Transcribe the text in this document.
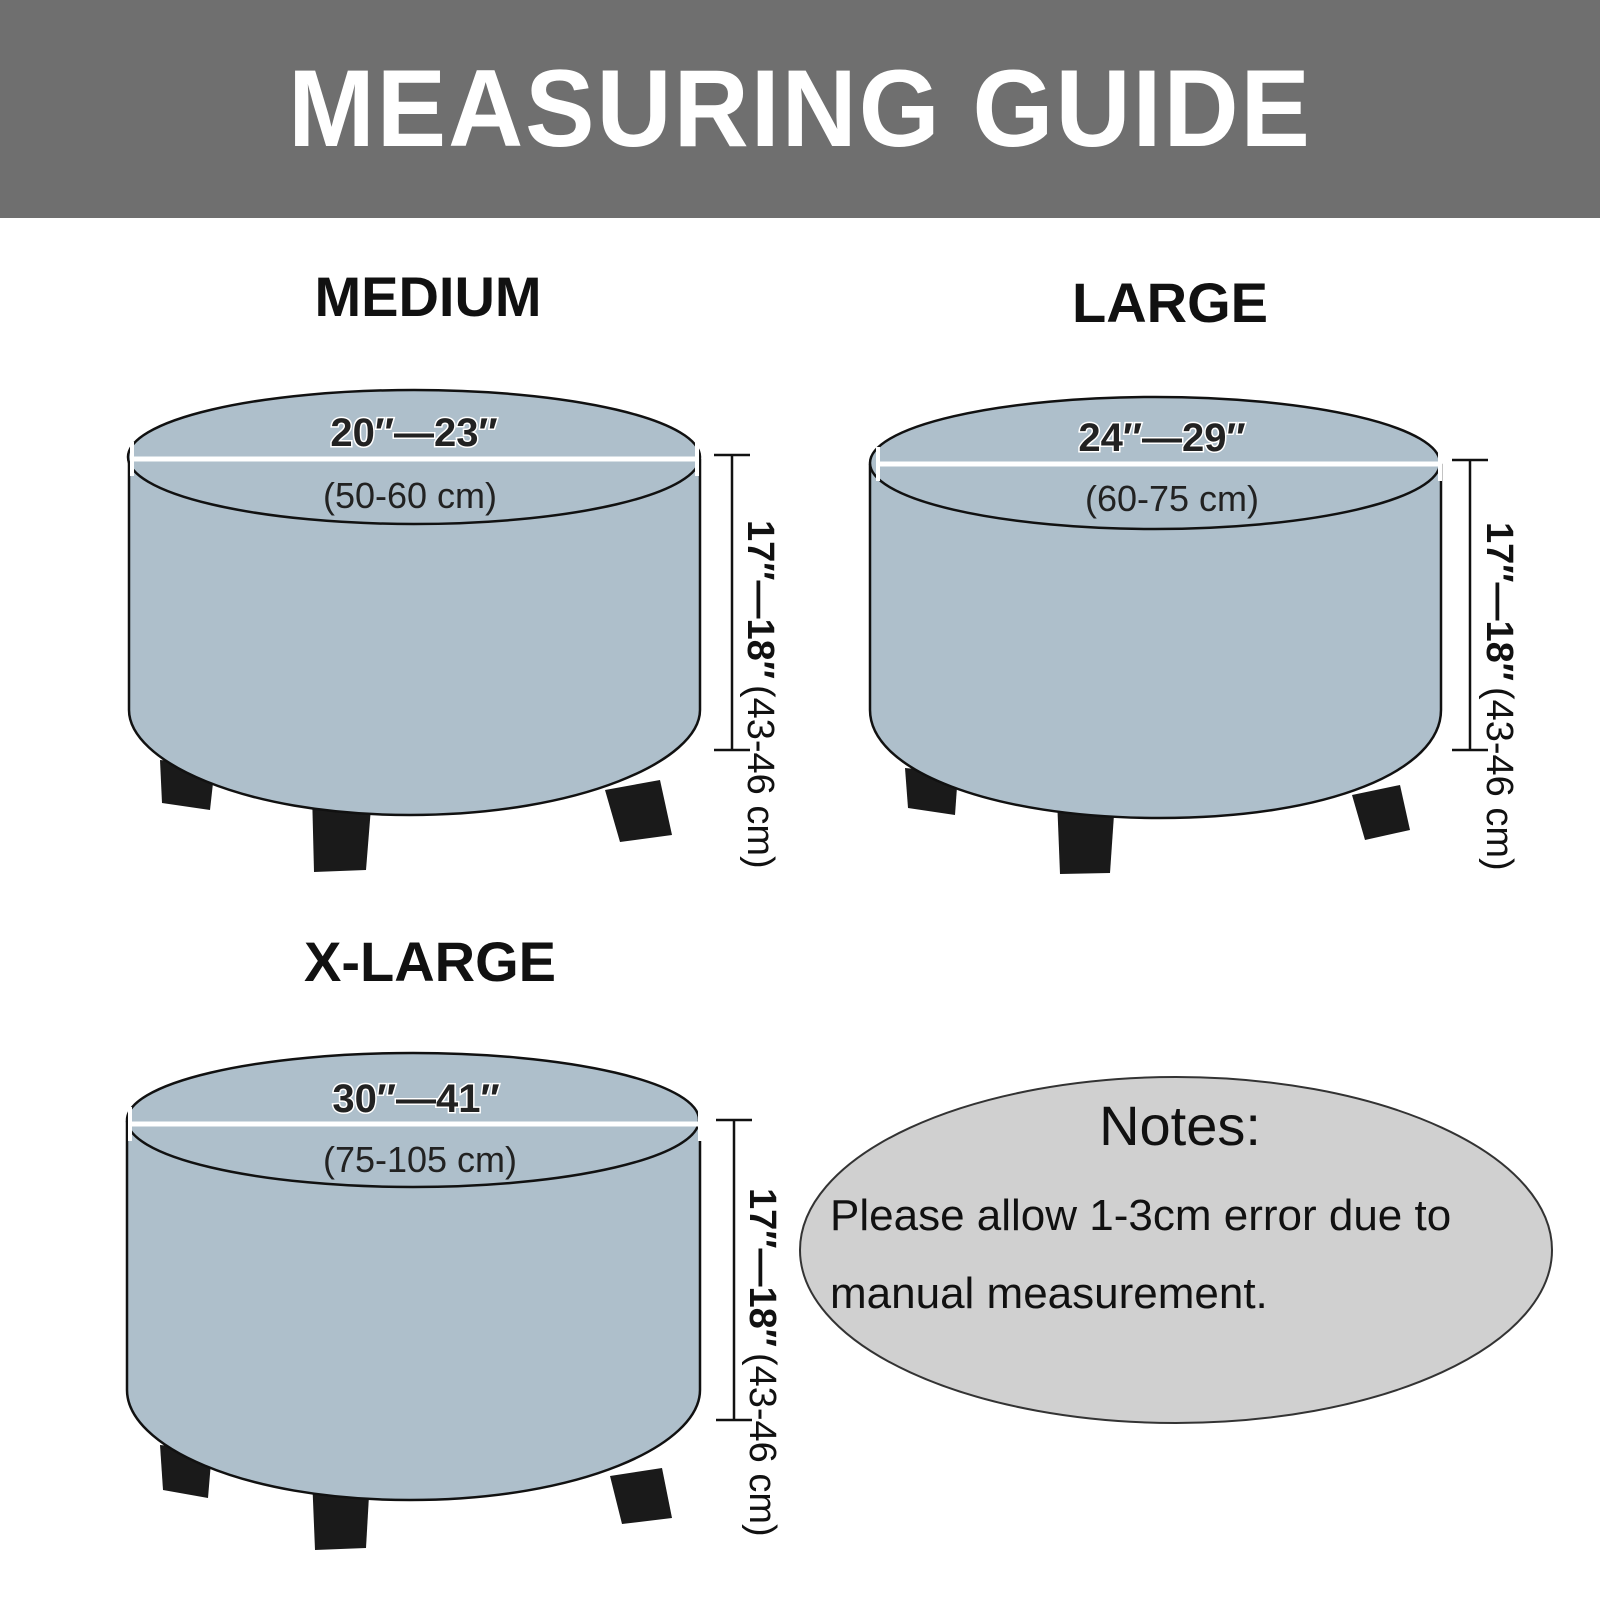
MEASURING GUIDE
MEDIUM
20″—23″
(50-60 cm)
17″—18″(43-46 cm)
LARGE
24″—29″
(60-75 cm)
17″—18″(43-46 cm)
X-LARGE
30″—41″
(75-105 cm)
17″—18″(43-46 cm)
Notes:
Please allow 1-3cm error due to
manual measurement.
